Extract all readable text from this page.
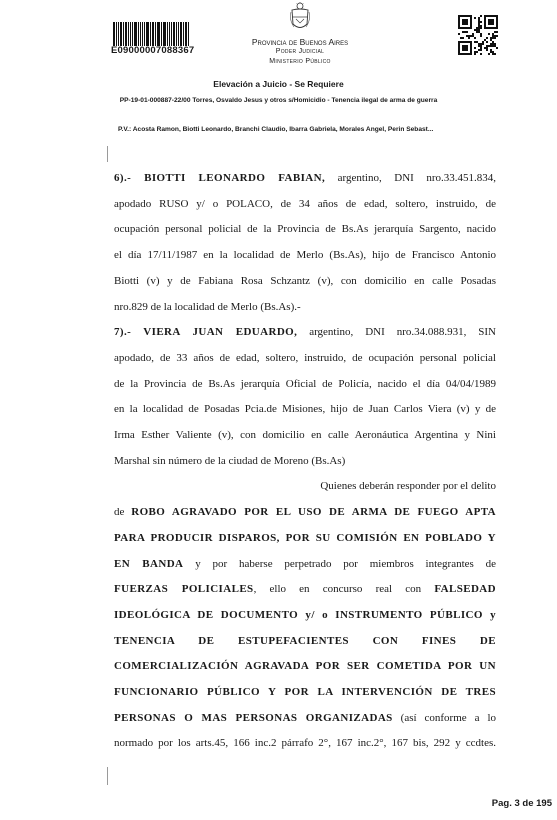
E09000007088367
Provincia de Buenos Aires
Poder Judicial
Ministerio Público
Elevación a Juicio - Se Requiere
PP-19-01-000887-22/00 Torres, Osvaldo Jesus y otros s/Homicidio - Tenencia ilegal de arma de guerra
P.V.: Acosta Ramon, Biotti Leonardo, Branchi Claudio, Ibarra Gabriela, Morales Angel, Perin Sebast...

6).- BIOTTI LEONARDO FABIAN, argentino, DNI nro.33.451.834,

apodado RUSO y/ o POLACO, de 34 años de edad, soltero, instruido, de

ocupación personal policial de la Provincia de Bs.As jerarquía Sargento, nacido

el día 17/11/1987 en la localidad de Merlo (Bs.As), hijo de Francisco Antonio

Biotti (v) y de Fabiana Rosa Schzantz (v), con domicilio en calle Posadas

nro.829 de la localidad de Merlo (Bs.As).-

7).- VIERA JUAN EDUARDO, argentino, DNI nro.34.088.931, SIN

apodado, de 33 años de edad, soltero, instruido, de ocupación personal policial

de la Provincia de Bs.As jerarquía Oficial de Policía, nacido el día 04/04/1989

en la localidad de Posadas Pcia.de Misiones, hijo de Juan Carlos Viera (v) y de

Irma Esther Valiente (v), con domicilio en calle Aeronáutica Argentina y Nini

Marshal sin número de la ciudad de Moreno (Bs.As)

Quienes deberán responder por el delito

de ROBO AGRAVADO POR EL USO DE ARMA DE FUEGO APTA

PARA PRODUCIR DISPAROS, POR SU COMISIÓN EN POBLADO Y

EN BANDA y por haberse perpetrado por miembros integrantes de

FUERZAS POLICIALES, ello en concurso real con FALSEDAD

IDEOLÓGICA DE DOCUMENTO y/ o INSTRUMENTO PÚBLICO y

TENENCIA DE ESTUPEFACIENTES CON FINES DE

COMERCIALIZACIÓN AGRAVADA POR SER COMETIDA POR UN

FUNCIONARIO PÚBLICO Y POR LA INTERVENCIÓN DE TRES

PERSONAS O MAS PERSONAS ORGANIZADAS (así conforme a lo

normado por los arts.45, 166 inc.2 párrafo 2°, 167 inc.2°, 167 bis, 292 y ccdtes.

Pag. 3 de 195
